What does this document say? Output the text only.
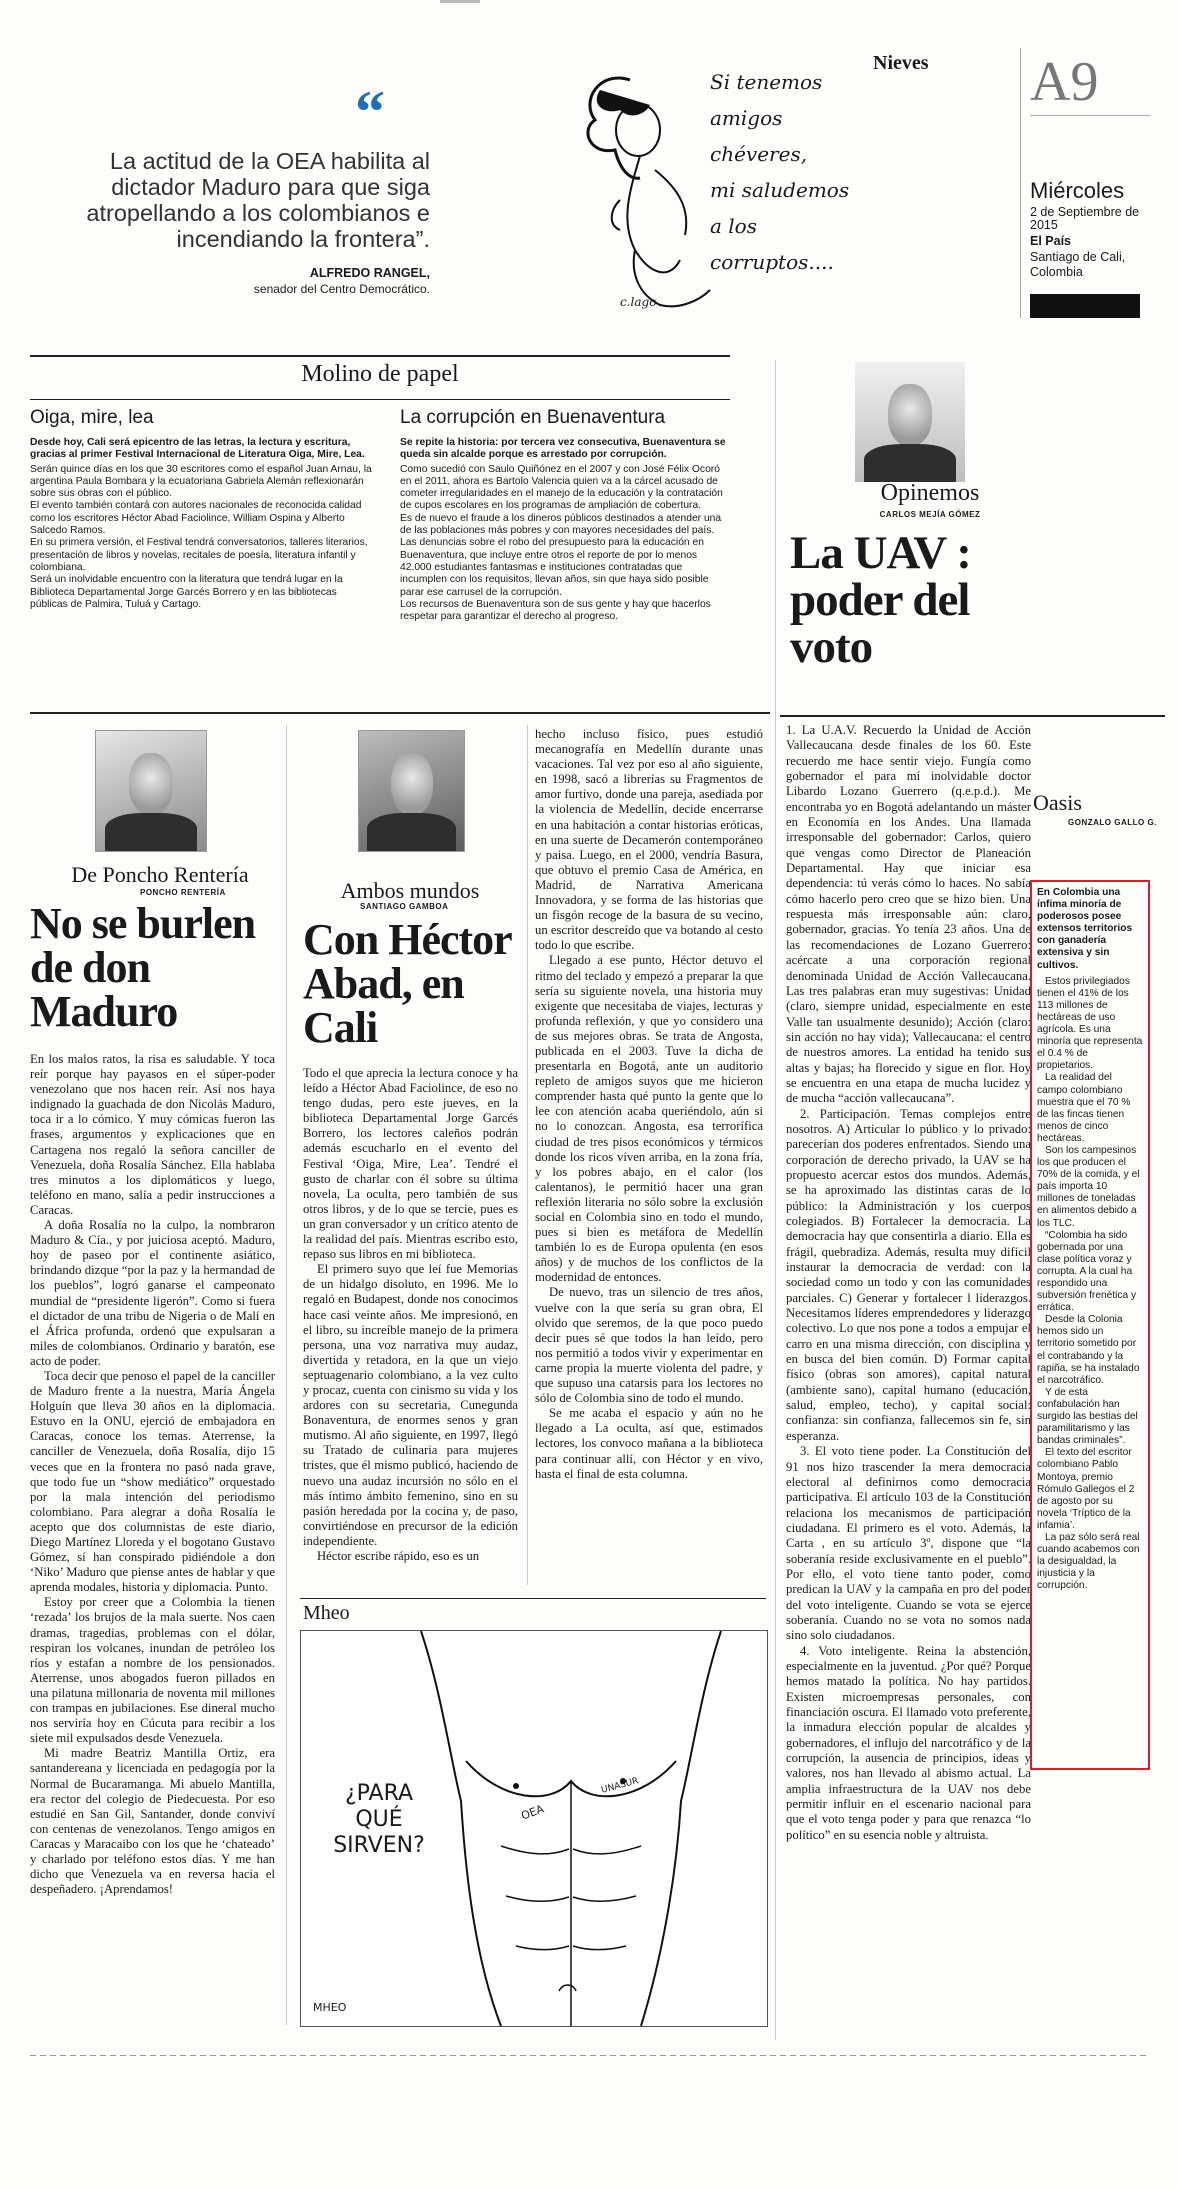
Nieves A9
Miércoles
2 de Septiembre de 2015
El País
Santiago de Cali, Colombia
“
La actitud de la OEA habilita al dictador Maduro para que siga atropellando a los colombianos e incendiando la frontera”.
ALFREDO RANGEL,
senador del Centro Democrático.
Si tenemos
amigos
chéveres,
mi saludemos
a los
corruptos....
c.lago
Molino de papel
Oiga, mire, lea
Desde hoy, Cali será epicentro de las letras, la lectura y escritura, gracias al primer Festival Internacional de Literatura Oiga, Mire, Lea.
Serán quince días en los que 30 escritores como el español Juan Arnau, la argentina Paula Bombara y la ecuatoriana Gabriela Alemán reflexionarán sobre sus obras con el público.
El evento también contará con autores nacionales de reconocida calidad como los escritores Héctor Abad Faciolince, William Ospina y Alberto Salcedo Ramos.
En su primera versión, el Festival tendrá conversatorios, talleres literarios, presentación de libros y novelas, recitales de poesía, literatura infantil y colombiana.
Será un inolvidable encuentro con la literatura que tendrá lugar en la Biblioteca Departamental Jorge Garcés Borrero y en las bibliotecas públicas de Palmira, Tuluá y Cartago.
La corrupción en Buenaventura
Se repite la historia: por tercera vez consecutiva, Buenaventura se queda sin alcalde porque es arrestado por corrupción.
Como sucedió con Saulo Quiñónez en el 2007 y con José Félix Ocoró en el 2011, ahora es Bartolo Valencia quien va a la cárcel acusado de cometer irregularidades en el manejo de la educación y la contratación de cupos escolares en los programas de ampliación de cobertura.
Es de nuevo el fraude a los dineros públicos destinados a atender una de las poblaciones más pobres y con mayores necesidades del país.
Las denuncias sobre el robo del presupuesto para la educación en Buenaventura, que incluye entre otros el reporte de por lo menos 42.000 estudiantes fantasmas e instituciones contratadas que incumplen con los requisitos, llevan años, sin que haya sido posible parar ese carrusel de la corrupción.
Los recursos de Buenaventura son de sus gente y hay que hacerlos respetar para garantizar el derecho al progreso.
Opinemos
CARLOS MEJÍA GÓMEZ
La UAV : poder del voto

1. La U.A.V. Recuerdo la Unidad de Acción Vallecaucana desde finales de los 60. Este recuerdo me hace sentir viejo. Fungía como gobernador el para mí inolvidable doctor Libardo Lozano Guerrero (q.e.p.d.). Me encontraba yo en Bogotá adelantando un máster en Economía en los Andes. Una llamada irresponsable del gobernador: Carlos, quiero que vengas como Director de Planeación Departamental. Hay que iniciar esa dependencia: tú verás cómo lo haces. No sabía cómo hacerlo pero creo que se hizo bien. Una respuesta más irresponsable aún: claro, gobernador, gracias. Yo tenía 23 años. Una de las recomendaciones de Lozano Guerrero: acércate a una corporación regional denominada Unidad de Acción Vallecaucana. Las tres palabras eran muy sugestivas: Unidad (claro, siempre unidad, especialmente en este Valle tan usualmente desunido); Acción (claro: sin acción no hay vida); Vallecaucana: el centro de nuestros amores. La entidad ha tenido sus altas y bajas; ha florecido y sigue en flor. Hoy se encuentra en una etapa de mucha lucidez y de mucha “acción vallecaucana”.

2. Participación. Temas complejos entre nosotros. A) Articular lo público y lo privado: parecerían dos poderes enfrentados. Siendo una corporación de derecho privado, la UAV se ha propuesto acercar estos dos mundos. Además, se ha aproximado las distintas caras de lo público: la Administración y los cuerpos colegiados. B) Fortalecer la democracia. La democracia hay que consentirla a diario. Ella es frágil, quebradiza. Además, resulta muy difícil instaurar la democracia de verdad: con la sociedad como un todo y con las comunidades parciales. C) Generar y fortalecer l liderazgos. Necesitamos líderes emprendedores y liderazgo colectivo. Lo que nos pone a todos a empujar el carro en una misma dirección, con disciplina y en busca del bien común. D) Formar capital físico (obras son amores), capital natural (ambiente sano), capital humano (educación, salud, empleo, techo), y capital social: confianza: sin confianza, fallecemos sin fe, sin esperanza.

3. El voto tiene poder. La Constitución del 91 nos hizo trascender la mera democracia electoral al definirnos como democracia participativa. El artículo 103 de la Constitución relaciona los mecanismos de participación ciudadana. El primero es el voto. Además, la Carta , en su artículo 3º, dispone que “la soberanía reside exclusivamente en el pueblo”. Por ello, el voto tiene tanto poder, como predican la UAV y la campaña en pro del poder del voto inteligente. Cuando se vota se ejerce soberanía. Cuando no se vota no somos nada sino solo ciudadanos.

4. Voto inteligente. Reina la abstención, especialmente en la juventud. ¿Por qué? Porque hemos matado la política. No hay partidos. Existen microempresas personales, con financiación oscura. El llamado voto preferente, la inmadura elección popular de alcaldes y gobernadores, el influjo del narcotráfico y de la corrupción, la ausencia de principios, ideas y valores, nos han llevado al abismo actual. La amplia infraestructura de la UAV nos debe permitir influir en el escenario nacional para que el voto tenga poder y para que renazca “lo político” en su esencia noble y altruista.

Oasis
GONZALO GALLO G.
En Colombia una ínfima minoría de poderosos posee extensos territorios con ganadería extensiva y sin cultivos.
Estos privilegiados tienen el 41% de los 113 millones de hectáreas de uso agrícola. Es una minoría que representa el 0.4 % de propietarios.
La realidad del campo colombiano muestra que el 70 % de las fincas tienen menos de cinco hectáreas.
Son los campesinos los que producen el 70% de la comida, y el país importa 10 millones de toneladas en alimentos debido a los TLC.
“Colombia ha sido gobernada por una clase política voraz y corrupta. A la cual ha respondido una subversión frenética y errática.
Desde la Colonia hemos sido un territorio sometido por el contrabando y la rapiña, se ha instalado el narcotráfico.
Y de esta confabulación han surgido las bestias del paramilitarismo y las bandas criminales”.
El texto del escritor colombiano Pablo Montoya, premio Rómulo Gallegos el 2 de agosto por su novela ‘Tríptico de la infamia’.
La paz sólo será real cuando acabemos con la desigualdad, la injusticia y la corrupción.
De Poncho Rentería
PONCHO RENTERÍA
No se burlen de don Maduro

En los malos ratos, la risa es saludable. Y toca reír porque hay payasos en el súper-poder venezolano que nos hacen reír. Así nos haya indignado la guachada de don Nicolás Maduro, toca ir a lo cómico. Y muy cómicas fueron las frases, argumentos y explicaciones que en Cartagena nos regaló la señora canciller de Venezuela, doña Rosalía Sánchez. Ella hablaba tres minutos a los diplomáticos y luego, teléfono en mano, salía a pedir instrucciones a Caracas.

A doña Rosalía no la culpo, la nombraron Maduro & Cía., y por juiciosa aceptó. Maduro, hoy de paseo por el continente asiático, brindando dizque “por la paz y la hermandad de los pueblos”, logró ganarse el campeonato mundial de “presidente ligerón”. Como si fuera el dictador de una tribu de Nigeria o de Malí en el África profunda, ordenó que expulsaran a miles de colombianos. Ordinario y baratón, ese acto de poder.

Toca decir que penoso el papel de la canciller de Maduro frente a la nuestra, María Ángela Holguín que lleva 30 años en la diplomacia. Estuvo en la ONU, ejerció de embajadora en Caracas, conoce los temas. Aterrense, la canciller de Venezuela, doña Rosalía, dijo 15 veces que en la frontera no pasó nada grave, que todo fue un “show mediático” orquestado por la mala intención del periodismo colombiano. Para alegrar a doña Rosalía le acepto que dos columnistas de este diario, Diego Martínez Lloreda y el bogotano Gustavo Gómez, sí han conspirado pidiéndole a don ‘Niko’ Maduro que piense antes de hablar y que aprenda modales, historia y diplomacia. Punto.

Estoy por creer que a Colombia la tienen ‘rezada’ los brujos de la mala suerte. Nos caen dramas, tragedias, problemas con el dólar, respiran los volcanes, inundan de petróleo los ríos y estafan a nombre de los pensionados. Aterrense, unos abogados fueron pillados en una pilatuna millonaria de noventa mil millones con trampas en jubilaciones. Ese dineral mucho nos serviría hoy en Cúcuta para recibir a los siete mil expulsados desde Venezuela.

Mi madre Beatriz Mantilla Ortiz, era santandereana y licenciada en pedagogía por la Normal de Bucaramanga. Mi abuelo Mantilla, era rector del colegio de Piedecuesta. Por eso estudié en San Gil, Santander, donde conviví con centenas de venezolanos. Tengo amigos en Caracas y Maracaibo con los que he ‘chateado’ y charlado por teléfono estos días. Y me han dicho que Venezuela va en reversa hacia el despeñadero. ¡Aprendamos!

Ambos mundos
SANTIAGO GAMBOA
Con Héctor Abad, en Cali

Todo el que aprecia la lectura conoce y ha leído a Héctor Abad Faciolince, de eso no tengo dudas, pero este jueves, en la biblioteca Departamental Jorge Garcés Borrero, los lectores caleños podrán además escucharlo en el evento del Festival ‘Oiga, Mire, Lea’. Tendré el gusto de charlar con él sobre su última novela, La oculta, pero también de sus otros libros, y de lo que se tercie, pues es un gran conversador y un crítico atento de la realidad del país. Mientras escribo esto, repaso sus libros en mi biblioteca.

El primero suyo que leí fue Memorias de un hidalgo disoluto, en 1996. Me lo regaló en Budapest, donde nos conocimos hace casi veinte años. Me impresionó, en el libro, su increíble manejo de la primera persona, una voz narrativa muy audaz, divertida y retadora, en la que un viejo septuagenario colombiano, a la vez culto y procaz, cuenta con cinismo su vida y los ardores con su secretaria, Cunegunda Bonaventura, de enormes senos y gran mutismo. Al año siguiente, en 1997, llegó su Tratado de culinaria para mujeres tristes, que él mismo publicó, haciendo de nuevo una audaz incursión no sólo en el más íntimo ámbito femenino, sino en su pasión heredada por la cocina y, de paso, convirtiéndose en precursor de la edición independiente.

Héctor escribe rápido, eso es un

hecho incluso físico, pues estudió mecanografía en Medellín durante unas vacaciones. Tal vez por eso al año siguiente, en 1998, sacó a librerías su Fragmentos de amor furtivo, donde una pareja, asediada por la violencia de Medellín, decide encerrarse en una habitación a contar historias eróticas, en una suerte de Decamerón contemporáneo y paisa. Luego, en el 2000, vendría Basura, que obtuvo el premio Casa de América, en Madrid, de Narrativa Americana Innovadora, y se forma de las historias que un fisgón recoge de la basura de su vecino, un escritor descreído que va botando al cesto todo lo que escribe.

Llegado a ese punto, Héctor detuvo el ritmo del teclado y empezó a preparar la que sería su siguiente novela, una historia muy exigente que necesitaba de viajes, lecturas y profunda reflexión, y que yo considero una de sus mejores obras. Se trata de Angosta, publicada en el 2003. Tuve la dicha de presentarla en Bogotá, ante un auditorio repleto de amigos suyos que me hicieron comprender hasta qué punto la gente que lo lee con atención acaba queriéndolo, aún si no lo conozcan. Angosta, esa terrorífica ciudad de tres pisos económicos y térmicos donde los ricos viven arriba, en la zona fría, y los pobres abajo, en el calor (los calentanos), le permitió hacer una gran reflexión literaria no sólo sobre la exclusión social en Colombia sino en todo el mundo, pues si bien es metáfora de Medellín también lo es de Europa opulenta (en esos años) y de muchos de los conflictos de la modernidad de entonces.

De nuevo, tras un silencio de tres años, vuelve con la que sería su gran obra, El olvido que seremos, de la que poco puedo decir pues sé que todos la han leído, pero nos permitió a todos vivir y experimentar en carne propia la muerte violenta del padre, y que supuso una catarsis para los lectores no sólo de Colombia sino de todo el mundo.

Se me acaba el espacio y aún no he llegado a La oculta, así que, estimados lectores, los convoco mañana a la biblioteca para continuar allí, con Héctor y en vivo, hasta el final de esta columna.

Mheo
¿PARA
QUÉ
SIRVEN?
OEA
UNASUR
MHEO
